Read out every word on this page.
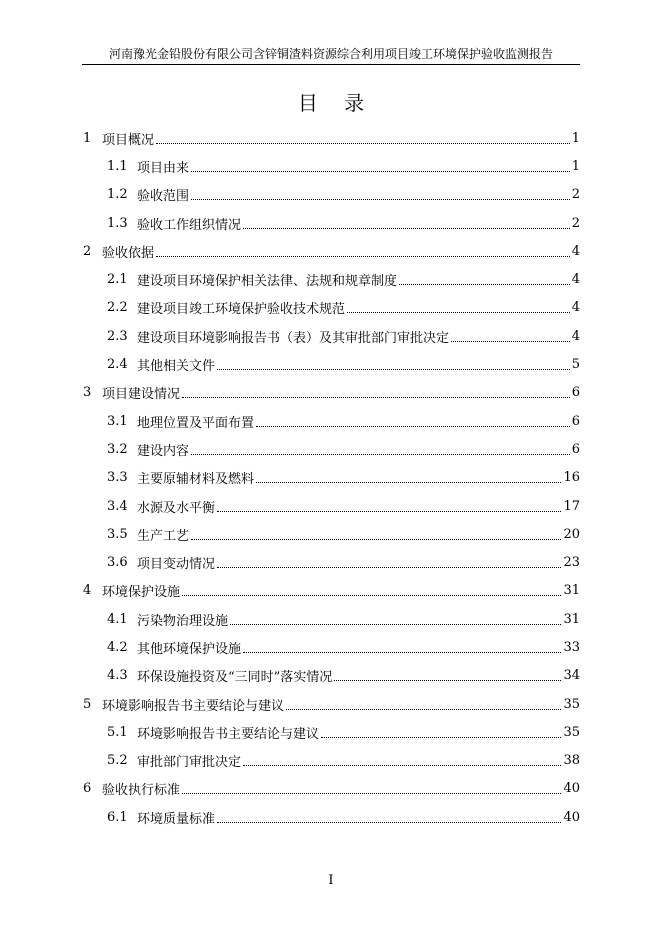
河南豫光金铅股份有限公司含锌铜渣料资源综合利用项目竣工环境保护验收监测报告
目 录
1 项目概况	1
1.1 项目由来	1
1.2 验收范围	2
1.3 验收工作组织情况	2
2 验收依据	4
2.1 建设项目环境保护相关法律、法规和规章制度	4
2.2 建设项目竣工环境保护验收技术规范	4
2.3 建设项目环境影响报告书（表）及其审批部门审批决定	4
2.4 其他相关文件	5
3 项目建设情况	6
3.1 地理位置及平面布置	6
3.2 建设内容	6
3.3 主要原辅材料及燃料	16
3.4 水源及水平衡	17
3.5 生产工艺	20
3.6 项目变动情况	23
4 环境保护设施	31
4.1 污染物治理设施	31
4.2 其他环境保护设施	33
4.3 环保设施投资及“三同时”落实情况	34
5 环境影响报告书主要结论与建议	35
5.1 环境影响报告书主要结论与建议	35
5.2 审批部门审批决定	38
6 验收执行标准	40
6.1 环境质量标准	40
I
